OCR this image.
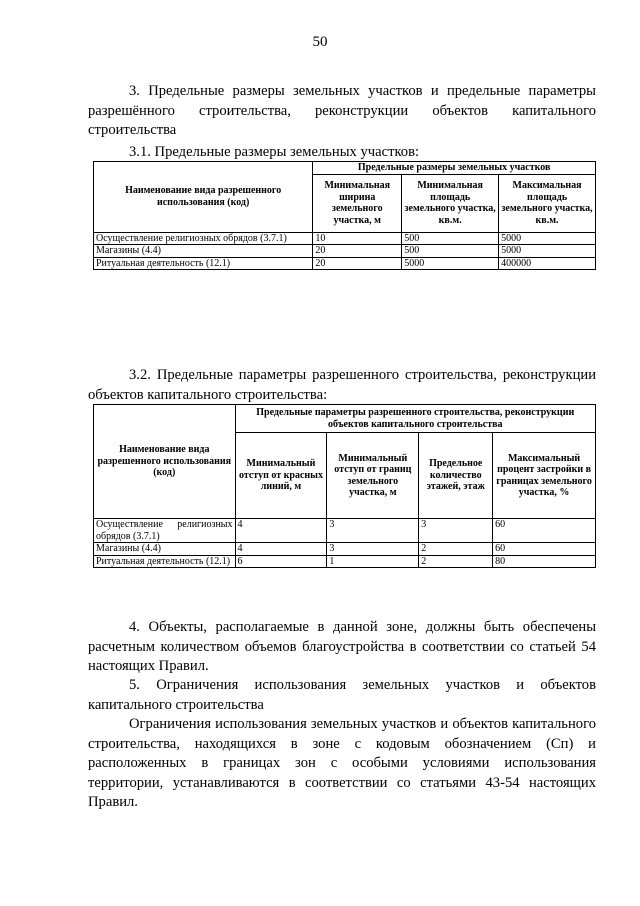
50
3. Предельные размеры земельных участков и предельные параметры разрешённого строительства, реконструкции объектов капитального строительства
3.1. Предельные размеры земельных участков:
Наименование вида разрешенного использования (код)	Предельные размеры земельных участков		
	Минимальная ширина земельного участка, м	Минимальная площадь земельного участка, кв.м.	Максимальная площадь земельного участка, кв.м.
Осуществление религиозных обрядов (3.7.1)	10	500	5000
Магазины (4.4)	20	500	5000
Ритуальная деятельность (12.1)	20	5000	400000
3.2. Предельные параметры разрешенного строительства, реконструкции объектов капитального строительства:
Наименование вида разрешенного использования (код)	Предельные параметры разрешенного строительства, реконструкции объектов капитального строительства			
	Минимальный отступ от красных линий, м	Минимальный отступ от границ земельного участка, м	Предельное количество этажей, этаж	Максимальный процент застройки в границах земельного участка, %
Осуществление религиозных обрядов (3.7.1)	4	3	3	60
Магазины (4.4)	4	3	2	60
Ритуальная деятельность (12.1)	6	1	2	80
4. Объекты, располагаемые в данной зоне, должны быть обеспечены расчетным количеством объемов благоустройства в соответствии со статьей 54 настоящих Правил.
5. Ограничения использования земельных участков и объектов капитального строительства
Ограничения использования земельных участков и объектов капитального строительства, находящихся в зоне с кодовым обозначением (Сп) и расположенных в границах зон с особыми условиями использования территории, устанавливаются в соответствии со статьями 43-54 настоящих Правил.
